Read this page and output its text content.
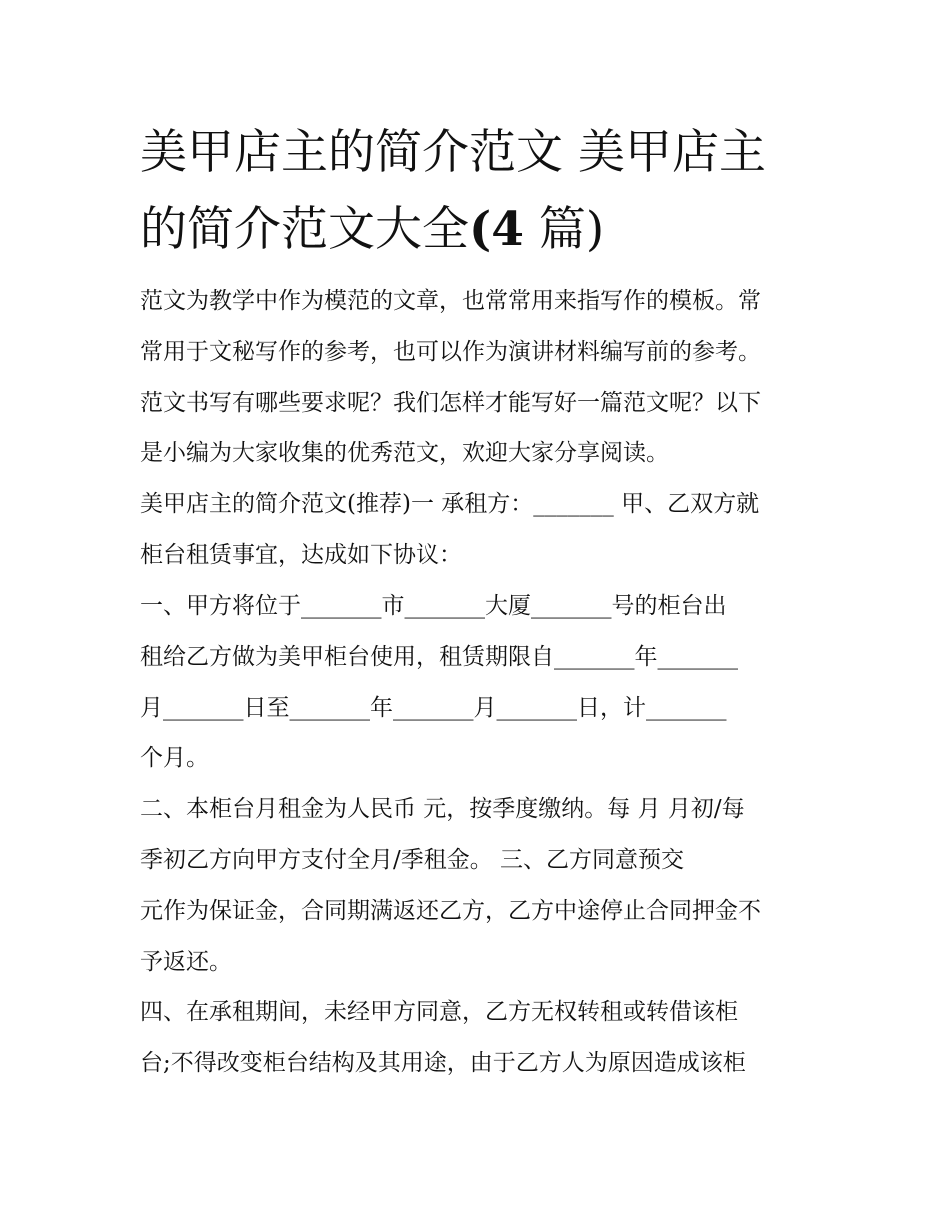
美甲店主的简介范文 美甲店主
的简介范文大全(4 篇)

范文为教学中作为模范的文章，也常常用来指写作的模板。常

常用于文秘写作的参考，也可以作为演讲材料编写前的参考。

范文书写有哪些要求呢？我们怎样才能写好一篇范文呢？以下

是小编为大家收集的优秀范文，欢迎大家分享阅读。

美甲店主的简介范文(推荐)一 承租方：_______ 甲、乙双方就

柜台租赁事宜，达成如下协议：

一、甲方将位于_______市_______大厦_______号的柜台出

租给乙方做为美甲柜台使用，租赁期限自_______年_______

月_______日至_______年_______月_______日，计_______

个月。

二、本柜台月租金为人民币 元，按季度缴纳。每 月 月初/每

季初乙方向甲方支付全月/季租金。 三、乙方同意预交

元作为保证金，合同期满返还乙方，乙方中途停止合同押金不

予返还。

四、在承租期间，未经甲方同意，乙方无权转租或转借该柜

台;不得改变柜台结构及其用途，由于乙方人为原因造成该柜
